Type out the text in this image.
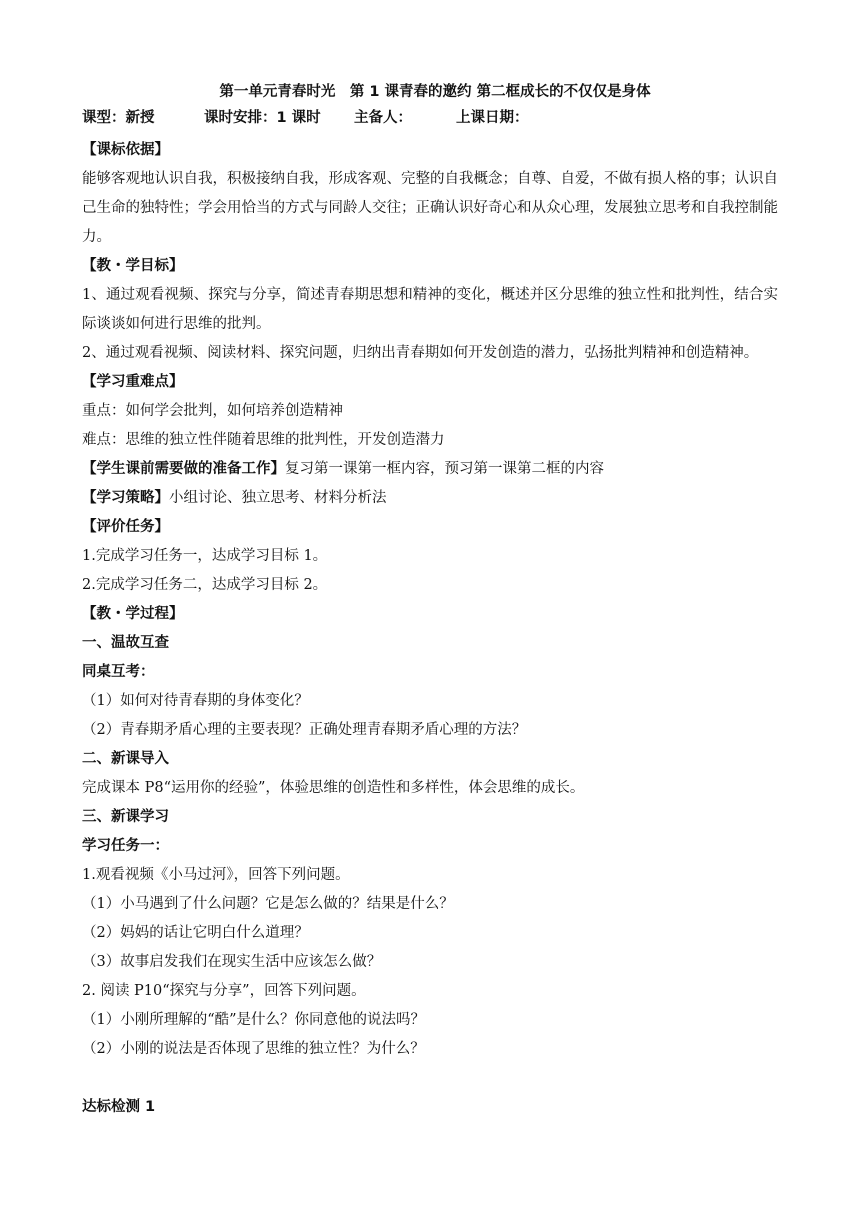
第一单元青春时光　第 1 课青春的邀约 第二框成长的不仅仅是身体
课型：新授	课时安排：1 课时	主备人：	上课日期：
【课标依据】
能够客观地认识自我，积极接纳自我，形成客观、完整的自我概念；自尊、自爱，不做有损人格的事；认识自己生命的独特性；学会用恰当的方式与同龄人交往；正确认识好奇心和从众心理，发展独立思考和自我控制能力。
【教・学目标】
1、通过观看视频、探究与分享，简述青春期思想和精神的变化，概述并区分思维的独立性和批判性，结合实际谈谈如何进行思维的批判。
2、通过观看视频、阅读材料、探究问题，归纳出青春期如何开发创造的潜力，弘扬批判精神和创造精神。
【学习重难点】
重点：如何学会批判，如何培养创造精神
难点：思维的独立性伴随着思维的批判性，开发创造潜力
【学生课前需要做的准备工作】复习第一课第一框内容，预习第一课第二框的内容
【学习策略】小组讨论、独立思考、材料分析法
【评价任务】
1.完成学习任务一，达成学习目标 1。
2.完成学习任务二，达成学习目标 2。
【教・学过程】
一、温故互查
同桌互考：
（1）如何对待青春期的身体变化？
（2）青春期矛盾心理的主要表现？正确处理青春期矛盾心理的方法？
二、新课导入
完成课本 P8“运用你的经验”，体验思维的创造性和多样性，体会思维的成长。
三、新课学习
学习任务一：
1.观看视频《小马过河》，回答下列问题。
（1）小马遇到了什么问题？它是怎么做的？结果是什么？
（2）妈妈的话让它明白什么道理？
（3）故事启发我们在现实生活中应该怎么做？
2. 阅读 P10“探究与分享”，回答下列问题。
（1）小刚所理解的“酷”是什么？你同意他的说法吗？
（2）小刚的说法是否体现了思维的独立性？为什么？
达标检测 1
